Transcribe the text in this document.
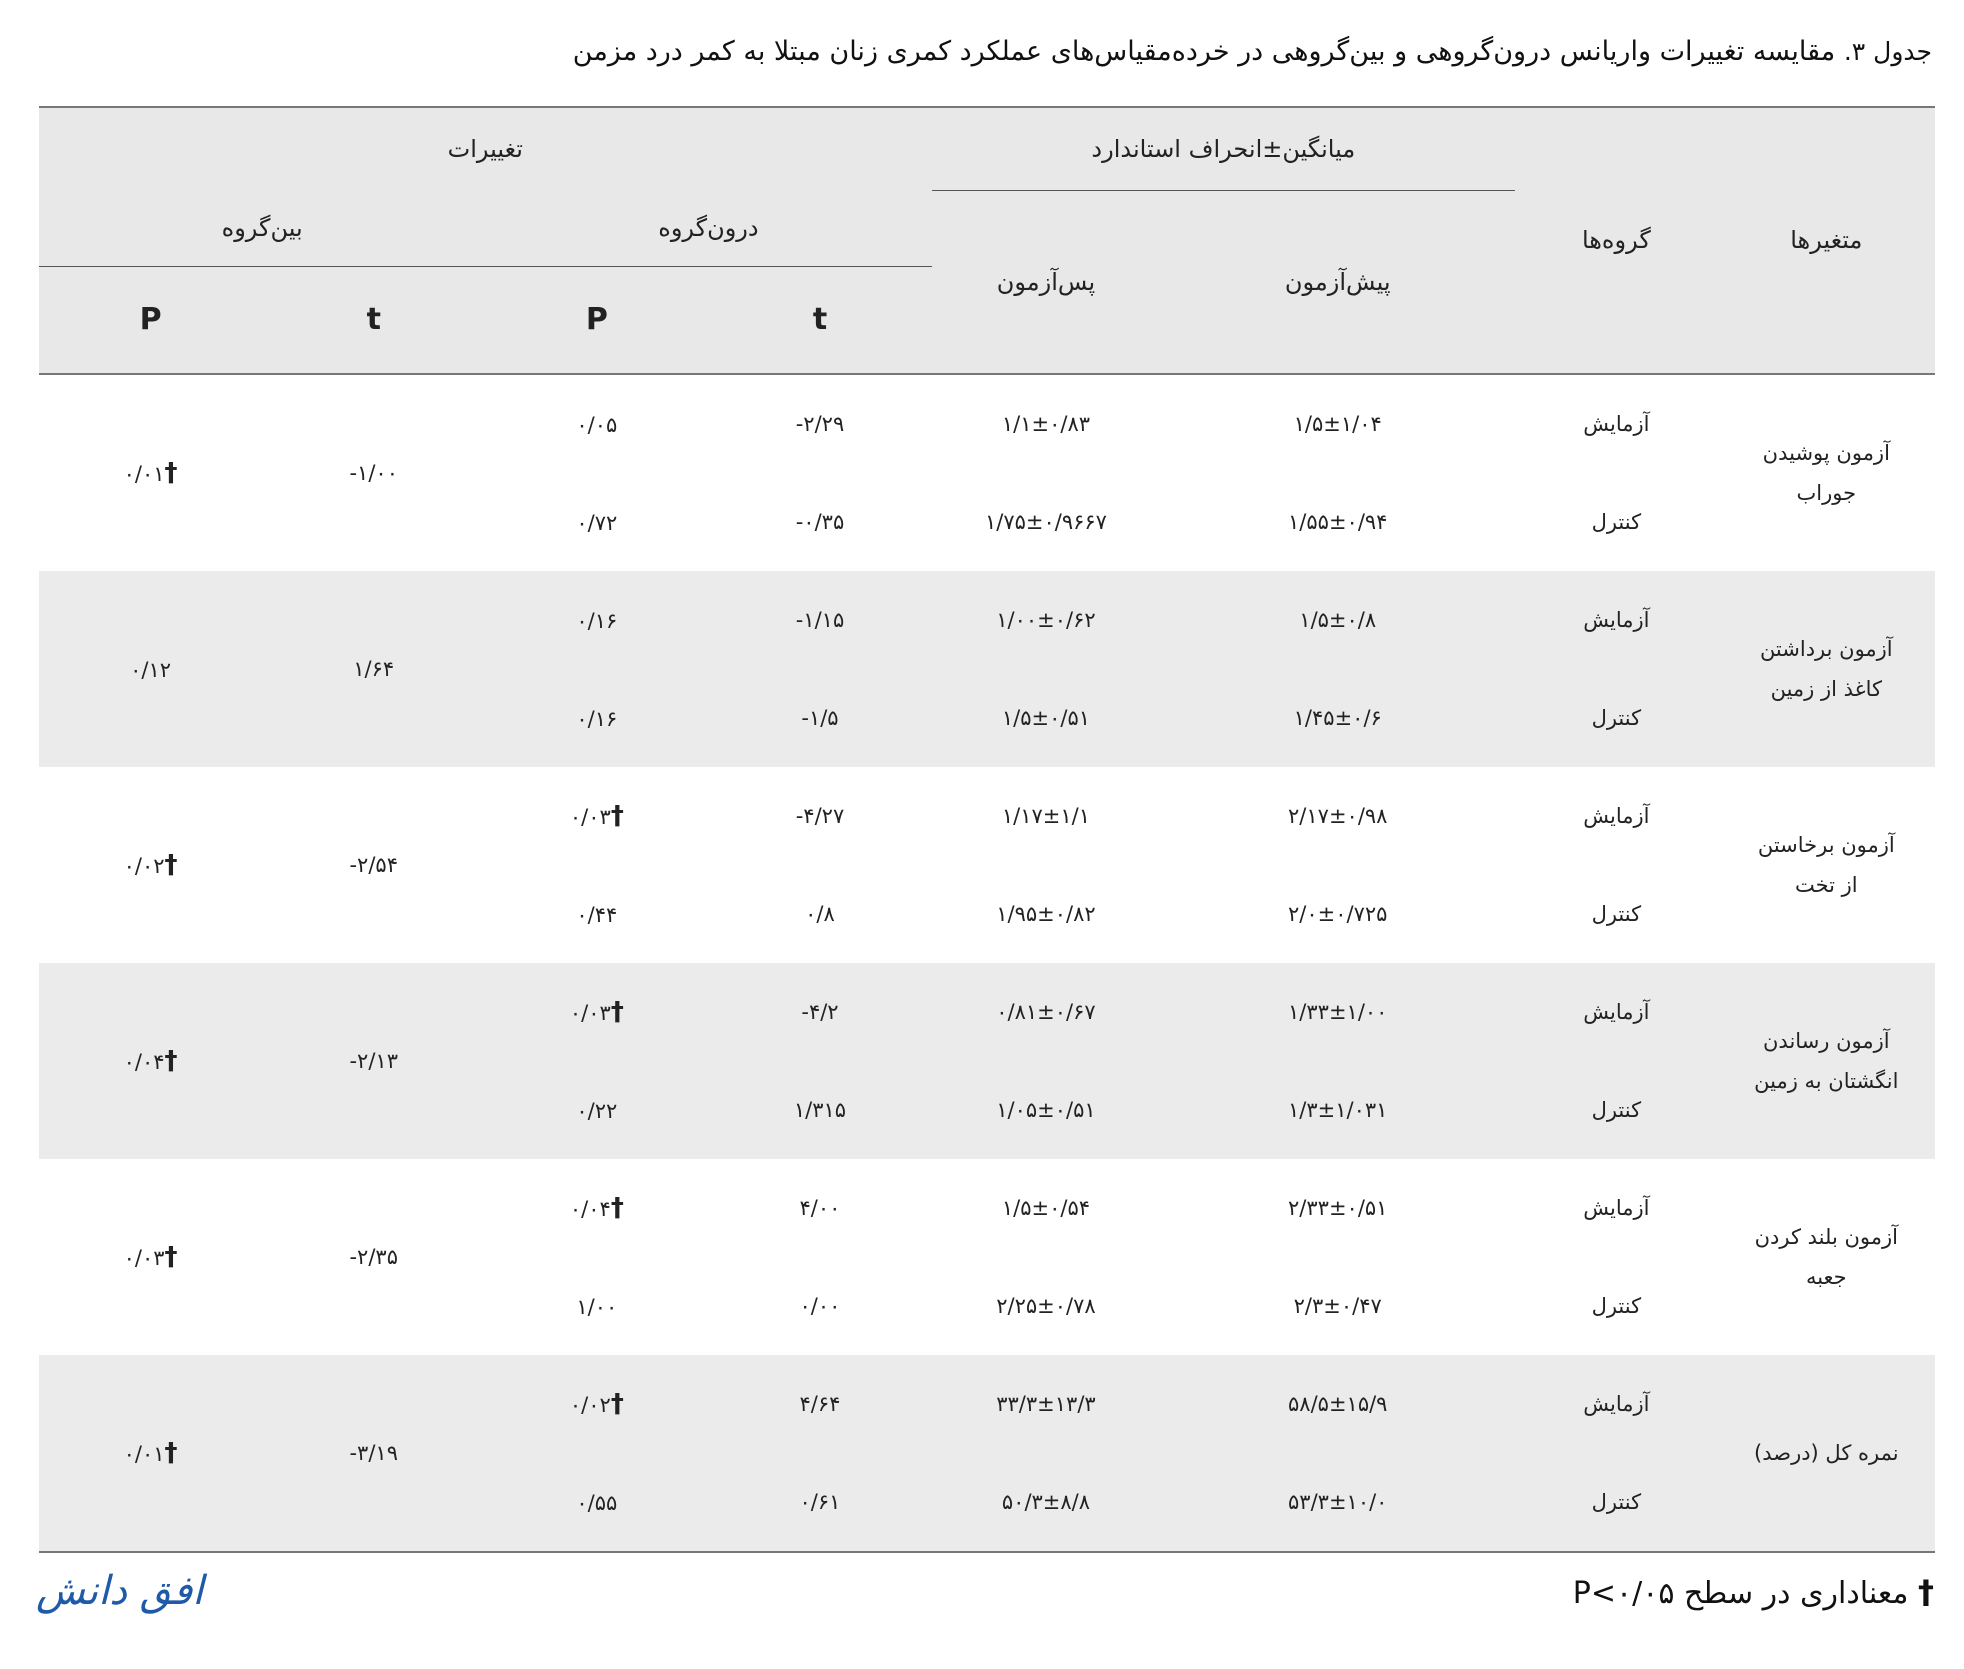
جدول ۳. مقایسه تغییرات واریانس درون‌گروهی و بین‌گروهی در خرده‌مقیاس‌های عملکرد کمری زنان مبتلا به کمر درد مزمن
متغیرها	گروه‌ها	میانگین±انحراف استاندارد		تغییرات			
		پیش‌آزمون	پس‌آزمون	درون‌گروه		بین‌گروه	
				t	P	t	P

آزمون پوشیدن
جوراب	آزمایش	۱/۵±۱/۰۴	۱/۱±۰/۸۳	-۲/۲۹	۰/۰۵	-۱/۰۰	۰/۰۱†
	کنترل	۱/۵۵±۰/۹۴	۱/۷۵±۰/۹۶۶۷	-۰/۳۵	۰/۷۲		

آزمون برداشتن
کاغذ از زمین	آزمایش	۱/۵±۰/۸	۱/۰۰±۰/۶۲	-۱/۱۵	۰/۱۶	۱/۶۴	۰/۱۲
	کنترل	۱/۴۵±۰/۶	۱/۵±۰/۵۱	-۱/۵	۰/۱۶		

آزمون برخاستن
از تخت	آزمایش	۲/۱۷±۰/۹۸	۱/۱۷±۱/۱	-۴/۲۷	۰/۰۳†	-۲/۵۴	۰/۰۲†
	کنترل	۲/۰±۰/۷۲۵	۱/۹۵±۰/۸۲	۰/۸	۰/۴۴		

آزمون رساندن
انگشتان به زمین	آزمایش	۱/۳۳±۱/۰۰	۰/۸۱±۰/۶۷	-۴/۲	۰/۰۳†	-۲/۱۳	۰/۰۴†
	کنترل	۱/۳±۱/۰۳۱	۱/۰۵±۰/۵۱	۱/۳۱۵	۰/۲۲		

آزمون بلند کردن
جعبه	آزمایش	۲/۳۳±۰/۵۱	۱/۵±۰/۵۴	۴/۰۰	۰/۰۴†	-۲/۳۵	۰/۰۳†
	کنترل	۲/۳±۰/۴۷	۲/۲۵±۰/۷۸	۰/۰۰	۱/۰۰		

نمره کل (درصد)	آزمایش	۵۸/۵±۱۵/۹	۳۳/۳±۱۳/۳	۴/۶۴	۰/۰۲†	-۳/۱۹	۰/۰۱†
	کنترل	۵۳/۳±۱۰/۰	۵۰/۳±۸/۸	۰/۶۱	۰/۵۵		
† معناداری در سطح P<۰/۰۵
افق دانش
